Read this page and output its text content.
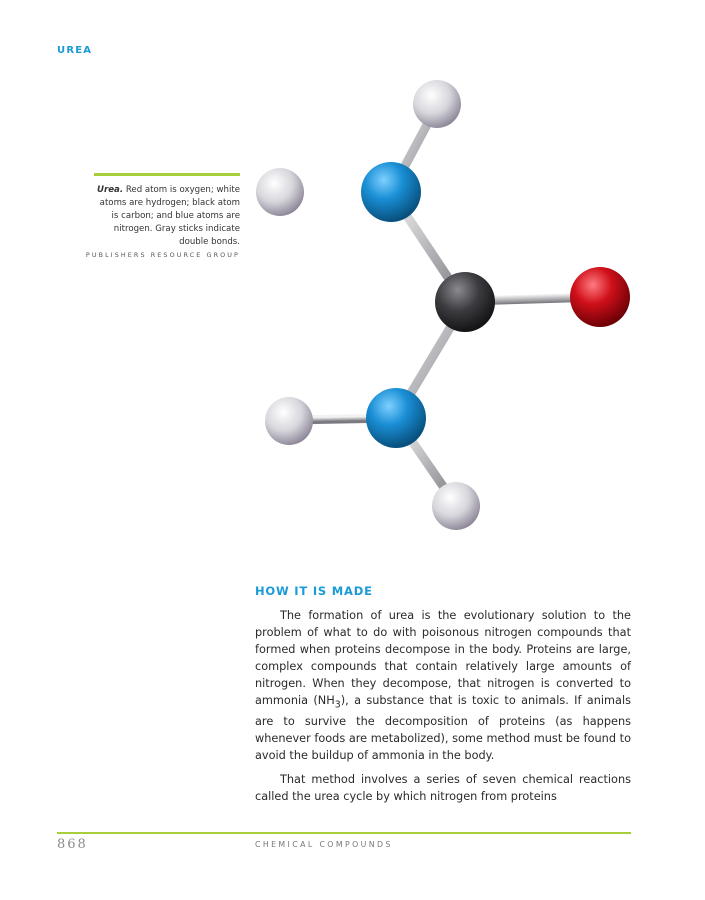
UREA
Urea. Red atom is oxygen; white atoms are hydrogen; black atom is carbon; and blue atoms are nitrogen. Gray sticks indicate double bonds.
PUBLISHERS RESOURCE GROUP
HOW IT IS MADE

The formation of urea is the evolutionary solution to the problem of what to do with poisonous nitrogen compounds that formed when proteins decompose in the body. Proteins are large, complex compounds that contain relatively large amounts of nitrogen. When they decompose, that nitrogen is converted to ammonia $(NH_3)$, a substance that is toxic to animals. If animals are to survive the decomposition of proteins (as happens whenever foods are metabolized), some method must be found to avoid the buildup of ammonia in the body.

That method involves a series of seven chemical reactions called the urea cycle by which nitrogen from proteins

868	CHEMICAL COMPOUNDS
